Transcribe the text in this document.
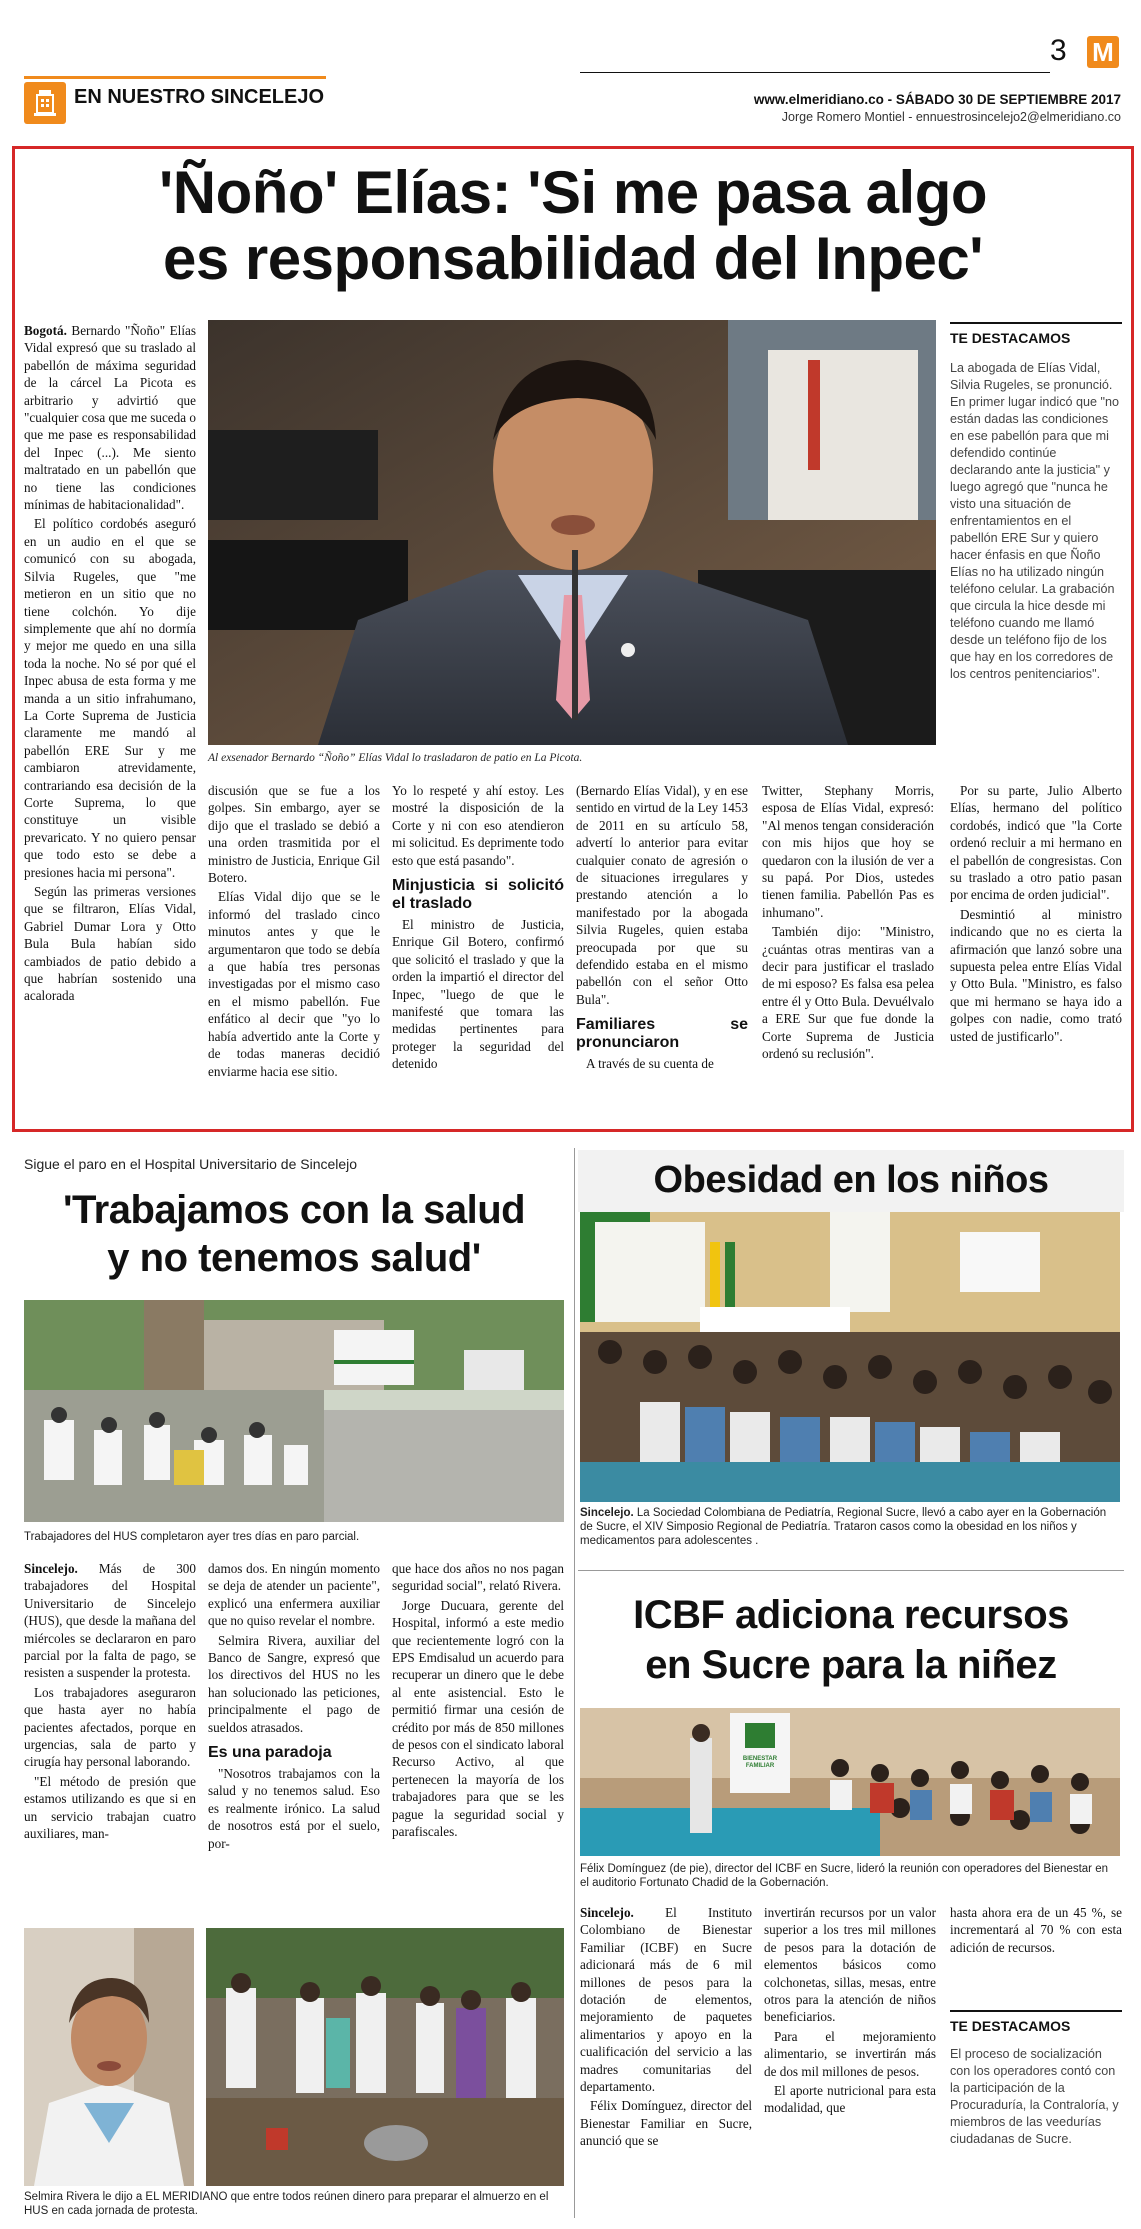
EN NUESTRO SINCELEJO
3 M
www.elmeridiano.co - SÁBADO 30 DE SEPTIEMBRE 2017
Jorge Romero Montiel - ennuestrosincelejo2@elmeridiano.co
'Ñoño' Elías: 'Si me pasa algo
es responsabilidad del Inpec'
Al exsenador Bernardo “Ñoño” Elías Vidal lo trasladaron de patio en La Picota.

Bogotá. Bernardo "Ñoño" Elías Vidal expresó que su traslado al pabellón de máxima seguridad de la cárcel La Picota es arbitrario y advirtió que "cualquier cosa que me suceda o que me pase es responsabilidad del Inpec (...). Me siento maltratado en un pabellón que no tiene las condiciones mínimas de habitacionalidad".

El político cordobés aseguró en un audio en el que se comunicó con su abogada, Silvia Rugeles, que "me metieron en un sitio que no tiene colchón. Yo dije simplemente que ahí no dormía y mejor me quedo en una silla toda la noche. No sé por qué el Inpec abusa de esta forma y me manda a un sitio infrahumano, La Corte Suprema de Justicia claramente me mandó al pabellón ERE Sur y me cambiaron atrevidamente, contrariando esa decisión de la Corte Suprema, lo que constituye un visible prevaricato. Y no quiero pensar que todo esto se debe a presiones hacia mi persona".

Según las primeras versiones que se filtraron, Elías Vidal, Gabriel Dumar Lora y Otto Bula Bula habían sido cambiados de patio debido a que habrían sostenido una acalorada

discusión que se fue a los golpes. Sin embargo, ayer se dijo que el traslado se debió a una orden trasmitida por el ministro de Justicia, Enrique Gil Botero.

Elías Vidal dijo que se le informó del traslado cinco minutos antes y que le argumentaron que todo se debía a que había tres personas investigadas por el mismo caso en el mismo pabellón. Fue enfático al decir que "yo lo había advertido ante la Corte y de todas maneras decidió enviarme hacia ese sitio.

Yo lo respeté y ahí estoy. Les mostré la disposición de la Corte y ni con eso atendieron mi solicitud. Es deprimente todo esto que está pasando".

Minjusticia si solicitó el traslado

El ministro de Justicia, Enrique Gil Botero, confirmó que solicitó el traslado y que la orden la impartió el director del Inpec, "luego de que le manifesté que tomara las medidas pertinentes para proteger la seguridad del detenido

(Bernardo Elías Vidal), y en ese sentido en virtud de la Ley 1453 de 2011 en su artículo 58, advertí lo anterior para evitar cualquier conato de agresión o de situaciones irregulares y prestando atención a lo manifestado por la abogada Silvia Rugeles, quien estaba preocupada por que su defendido estaba en el mismo pabellón con el señor Otto Bula".

Familiares se pronunciaron

A través de su cuenta de

Twitter, Stephany Morris, esposa de Elías Vidal, expresó: "Al menos tengan consideración con mis hijos que hoy se quedaron con la ilusión de ver a su papá. Por Dios, ustedes tienen familia. Pabellón Pas es inhumano".

También dijo: "Ministro, ¿cuántas otras mentiras van a decir para justificar el traslado de mi esposo? Es falsa esa pelea entre él y Otto Bula. Devuélvalo a ERE Sur que fue donde la Corte Suprema de Justicia ordenó su reclusión".

Por su parte, Julio Alberto Elías, hermano del político cordobés, indicó que "la Corte ordenó recluir a mi hermano en el pabellón de congresistas. Con su traslado a otro patio pasan por encima de orden judicial".

Desmintió al ministro indicando que no es cierta la afirmación que lanzó sobre una supuesta pelea entre Elías Vidal y Otto Bula. "Ministro, es falso que mi hermano se haya ido a golpes con nadie, como trató usted de justificarlo".

TE DESTACAMOS
La abogada de Elías Vidal, Silvia Rugeles, se pronunció. En primer lugar indicó que "no están dadas las condiciones en ese pabellón para que mi defendido continúe declarando ante la justicia" y luego agregó que "nunca he visto una situación de enfrentamientos en el pabellón ERE Sur y quiero hacer énfasis en que Ñoño Elías no ha utilizado ningún teléfono celular. La grabación que circula la hice desde mi teléfono cuando me llamó desde un teléfono fijo de los que hay en los corredores de los centros penitenciarios".
Sigue el paro en el Hospital Universitario de Sincelejo
'Trabajamos con la salud
y no tenemos salud'
Trabajadores del HUS completaron ayer tres días en paro parcial.

Sincelejo. Más de 300 trabajadores del Hospital Universitario de Sincelejo (HUS), que desde la mañana del miércoles se declararon en paro parcial por la falta de pago, se resisten a suspender la protesta.

Los trabajadores aseguraron que hasta ayer no había pacientes afectados, porque en urgencias, sala de parto y cirugía hay personal laborando.

"El método de presión que estamos utilizando es que si en un servicio trabajan cuatro auxiliares, man-

damos dos. En ningún momento se deja de atender un paciente", explicó una enfermera auxiliar que no quiso revelar el nombre.

Selmira Rivera, auxiliar del Banco de Sangre, expresó que los directivos del HUS no les han solucionado las peticiones, principalmente el pago de sueldos atrasados.

Es una paradoja

"Nosotros trabajamos con la salud y no tenemos salud. Eso es realmente irónico. La salud de nosotros está por el suelo, por-

que hace dos años no nos pagan seguridad social", relató Rivera.

Jorge Ducuara, gerente del Hospital, informó a este medio que recientemente logró con la EPS Emdisalud un acuerdo para recuperar un dinero que le debe al ente asistencial. Esto le permitió firmar una cesión de crédito por más de 850 millones de pesos con el sindicato laboral Recurso Activo, al que pertenecen la mayoría de los trabajadores para que se les pague la seguridad social y parafiscales.

Selmira Rivera le dijo a EL MERIDIANO que entre todos reúnen dinero para preparar el almuerzo en el HUS en cada jornada de protesta.
Obesidad en los niños
Sincelejo. La Sociedad Colombiana de Pediatría, Regional Sucre, llevó a cabo ayer en la Gobernación de Sucre, el XIV Simposio Regional de Pediatría. Trataron casos como la obesidad en los niños y medicamentos para adolescentes .
ICBF adiciona recursos
en Sucre para la niñez
BIENESTAR FAMILIAR
Félix Domínguez (de pie), director del ICBF en Sucre, lideró la reunión con operadores del Bienestar en el auditorio Fortunato Chadid de la Gobernación.

Sincelejo. El Instituto Colombiano de Bienestar Familiar (ICBF) en Sucre adicionará más de 6 mil millones de pesos para la dotación de elementos, mejoramiento de paquetes alimentarios y apoyo en la cualificación del servicio a las madres comunitarias del departamento.

Félix Domínguez, director del Bienestar Familiar en Sucre, anunció que se

invertirán recursos por un valor superior a los tres mil millones de pesos para la dotación de elementos básicos como colchonetas, sillas, mesas, entre otros para la atención de niños beneficiarios.

Para el mejoramiento alimentario, se invertirán más de dos mil millones de pesos.

El aporte nutricional para esta modalidad, que

hasta ahora era de un 45 %, se incrementará al 70 % con esta adición de recursos.

TE DESTACAMOS
El proceso de socialización con los operadores contó con la participación de la Procuraduría, la Contraloría, y miembros de las veedurías ciudadanas de Sucre.
